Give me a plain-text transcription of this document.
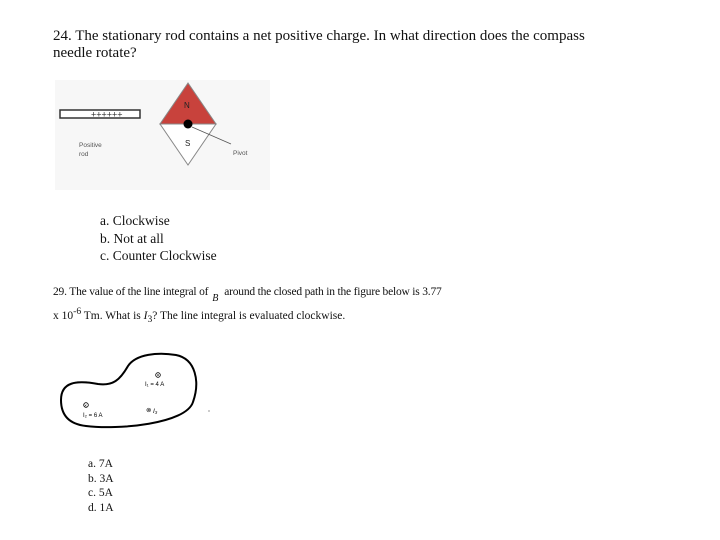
24. The stationary rod contains a net positive charge. In what direction does the compass
needle rotate?
++++++
Positive
rod
N
S
Pivot
a. Clockwise
b. Not at all
c. Counter Clockwise
29. The value of the line integral ofBaround the closed path in the figure below is 3.77
x $10^{-6}$ Tm. What is $I_3$? The line integral is evaluated clockwise.
I₁ = 4 A
×
I₂ = 6 A
⊗ I₃
a. 7A
b. 3A
c. 5A
d. 1A
